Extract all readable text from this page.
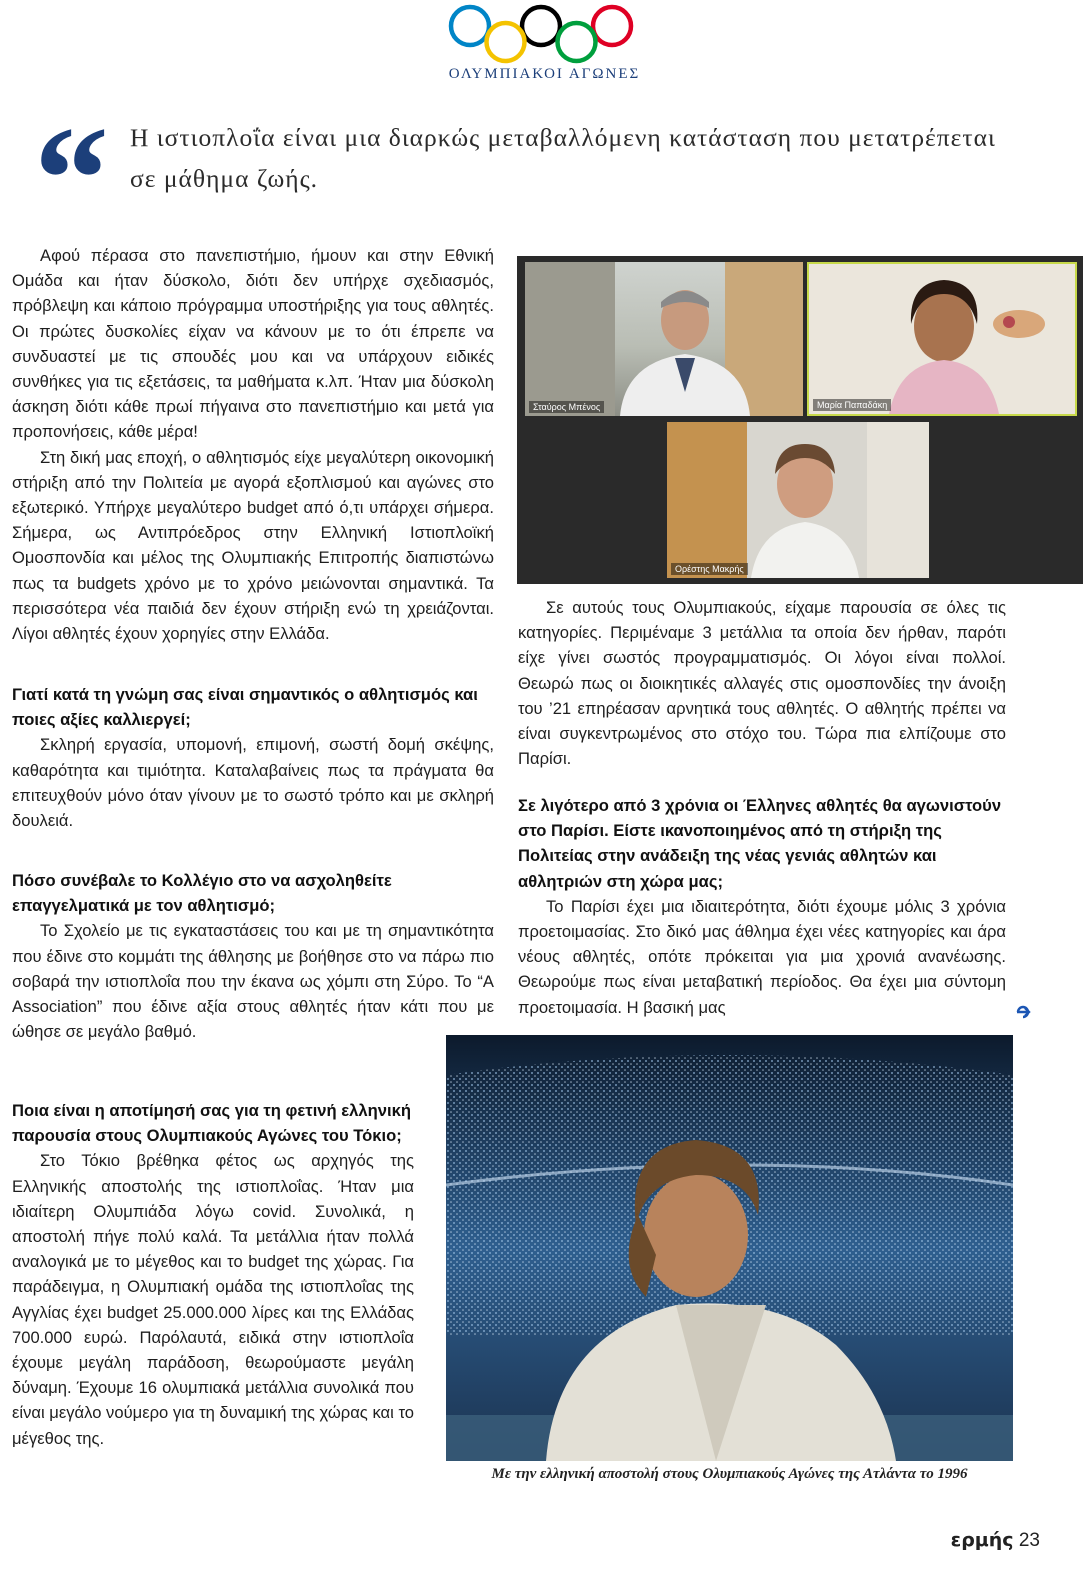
ΟΛΥΜΠΙΑΚΟΙ ΑΓΩΝΕΣ
“ Η ιστιοπλοΐα είναι μια διαρκώς μεταβαλλόμενη κατάσταση που μετατρέπεται σε μάθημα ζωής.

Αφού πέρασα στο πανεπιστήμιο, ήμουν και στην Εθνική Ομάδα και ήταν δύσκολο, διότι δεν υπήρχε σχεδιασμός, πρόβλεψη και κάποιο πρόγραμμα υποστήριξης για τους αθλητές. Οι πρώτες δυσκολίες είχαν να κάνουν με το ότι έπρεπε να συνδυαστεί με τις σπουδές μου και να υπάρχουν ειδικές συνθήκες για τις εξετάσεις, τα μαθήματα κ.λπ. Ήταν μια δύσκολη άσκηση διότι κάθε πρωί πήγαινα στο πανεπιστήμιο και μετά για προπονήσεις, κάθε μέρα!

Στη δική μας εποχή, ο αθλητισμός είχε μεγαλύτερη οικονομική στήριξη από την Πολιτεία με αγορά εξοπλισμού και αγώνες στο εξωτερικό. Υπήρχε μεγαλύτερο budget από ό,τι υπάρχει σήμερα. Σήμερα, ως Αντιπρόεδρος στην Ελληνική Ιστιοπλοϊκή Ομοσπονδία και μέλος της Ολυμπιακής Επιτροπής διαπιστώνω πως τα budgets χρόνο με το χρόνο μειώνονται σημαντικά. Τα περισσότερα νέα παιδιά δεν έχουν στήριξη ενώ τη χρειάζονται. Λίγοι αθλητές έχουν χορηγίες στην Ελλάδα.

Γιατί κατά τη γνώμη σας είναι σημαντικός ο αθλητισμός και ποιες αξίες καλλιεργεί;

Σκληρή εργασία, υπομονή, επιμονή, σωστή δομή σκέψης, καθαρότητα και τιμιότητα. Καταλαβαίνεις πως τα πράγματα θα επιτευχθούν μόνο όταν γίνουν με το σωστό τρόπο και με σκληρή δουλειά.

Πόσο συνέβαλε το Κολλέγιο στο να ασχοληθείτε επαγγελματικά με τον αθλητισμό;

Το Σχολείο με τις εγκαταστάσεις του και με τη σημαντικότητα που έδινε στο κομμάτι της άθλησης με βοήθησε στο να πάρω πιο σοβαρά την ιστιοπλοΐα που την έκανα ως χόμπι στη Σύρο. Το “A Association” που έδινε αξία στους αθλητές ήταν κάτι που με ώθησε σε μεγάλο βαθμό.

Ποια είναι η αποτίμησή σας για τη φετινή ελληνική παρουσία στους Ολυμπιακούς Αγώνες του Τόκιο;

Στο Τόκιο βρέθηκα φέτος ως αρχηγός της Ελληνικής αποστολής της ιστιοπλοΐας. Ήταν μια ιδιαίτερη Ολυμπιάδα λόγω covid. Συνολικά, η αποστολή πήγε πολύ καλά. Τα μετάλλια ήταν πολλά αναλογικά με το μέγεθος και το budget της χώρας. Για παράδειγμα, η Ολυμπιακή ομάδα της ιστιοπλοΐας της Αγγλίας έχει budget 25.000.000 λίρες και της Ελλάδας 700.000 ευρώ. Παρόλαυτά, ειδικά στην ιστιοπλοΐα έχουμε μεγάλη παράδοση, θεωρούμαστε μεγάλη δύναμη. Έχουμε 16 ολυμπιακά μετάλλια συνολικά που είναι μεγάλο νούμερο για τη δυναμική της χώρας και το μέγεθος της.

Σταύρος Μπένος	Μαρία Παπαδάκη
Ορέστης Μακρής

Σε αυτούς τους Ολυμπιακούς, είχαμε παρουσία σε όλες τις κατηγορίες. Περιμέναμε 3 μετάλλια τα οποία δεν ήρθαν, παρότι είχε γίνει σωστός προγραμματισμός. Οι λόγοι είναι πολλοί. Θεωρώ πως οι διοικητικές αλλαγές στις ομοσπονδίες την άνοιξη του ’21 επηρέασαν αρνητικά τους αθλητές. Ο αθλητής πρέπει να είναι συγκεντρωμένος στο στόχο του. Τώρα πια ελπίζουμε στο Παρίσι.

Σε λιγότερο από 3 χρόνια οι Έλληνες αθλητές θα αγωνιστούν στο Παρίσι. Είστε ικανοποιημένος από τη στήριξη της Πολιτείας στην ανάδειξη της νέας γενιάς αθλητών και αθλητριών στη χώρα μας;

Το Παρίσι έχει μια ιδιαιτερότητα, διότι έχουμε μόλις 3 χρόνια προετοιμασίας. Στο δικό μας άθλημα έχει νέες κατηγορίες και άρα νέους αθλητές, οπότε πρόκειται για μια χρονιά ανανέωσης. Θεωρούμε πως είναι μεταβατική περίοδος. Θα έχει μια σύντομη προετοιμασία. Η βασική μας

Με την ελληνική αποστολή στους Ολυμπιακούς Αγώνες της Ατλάντα το 1996
ερμής 23
